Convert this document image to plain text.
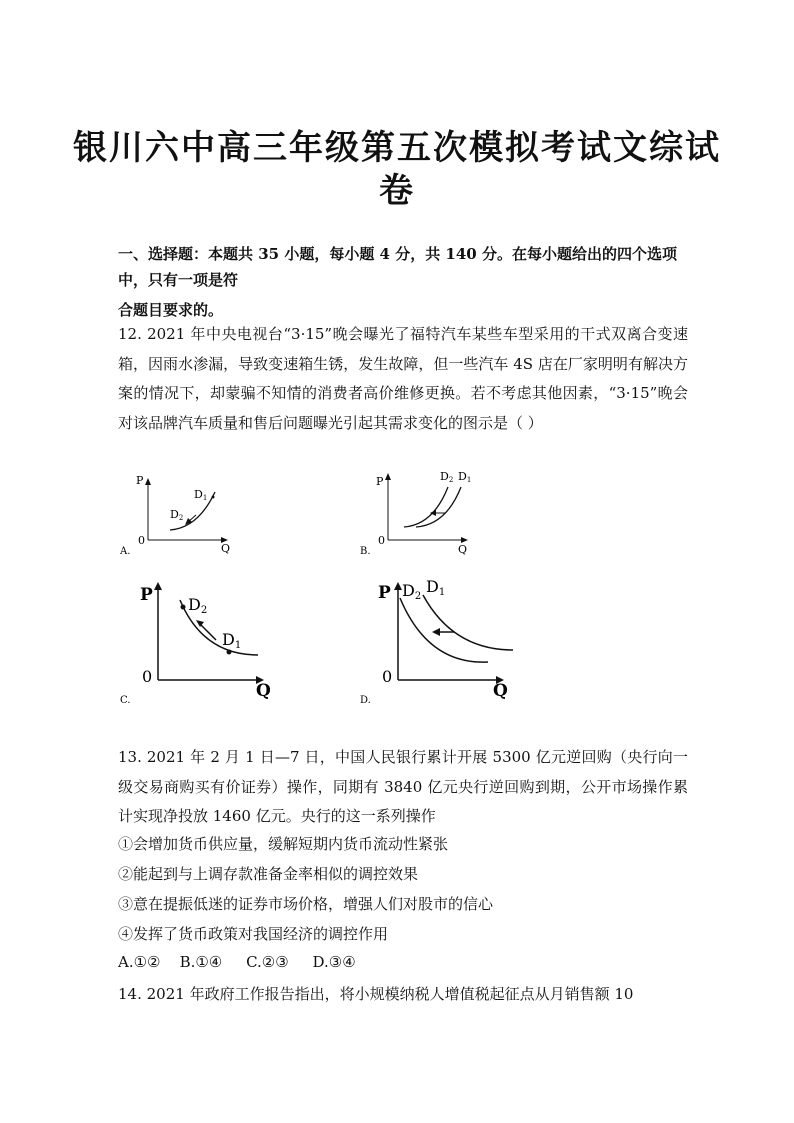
银川六中高三年级第五次模拟考试文综试
卷
一、选择题：本题共 35 小题，每小题 4 分，共 140 分。在每小题给出的四个选项中，只有一项是符
合题目要求的。
12. 2021 年中央电视台“3·15”晚会曝光了福特汽车某些车型采用的干式双离合变速箱，因雨水渗漏，导致变速箱生锈，发生故障，但一些汽车 4S 店在厂家明明有解决方案的情况下，却蒙骗不知情的消费者高价维修更换。若不考虑其他因素，“3·15”晚会对该品牌汽车质量和售后问题曝光引起其需求变化的图示是（ ）
P
Q
0
D1
D2
A.
P
Q
0
D2 D1
B.
P
Q
0
D2
D1
C.
P
Q
0
D2
D1
D.
13. 2021 年 2 月 1 日—7 日，中国人民银行累计开展 5300 亿元逆回购（央行向一级交易商购买有价证券）操作，同期有 3840 亿元央行逆回购到期，公开市场操作累计实现净投放 1460 亿元。央行的这一系列操作
①会增加货币供应量，缓解短期内货币流动性紧张
②能起到与上调存款准备金率相似的调控效果
③意在提振低迷的证券市场价格，增强人们对股市的信心
④发挥了货币政策对我国经济的调控作用
A.①②    B.①④     C.②③     D.③④
14. 2021 年政府工作报告指出，将小规模纳税人增值税起征点从月销售额 10
